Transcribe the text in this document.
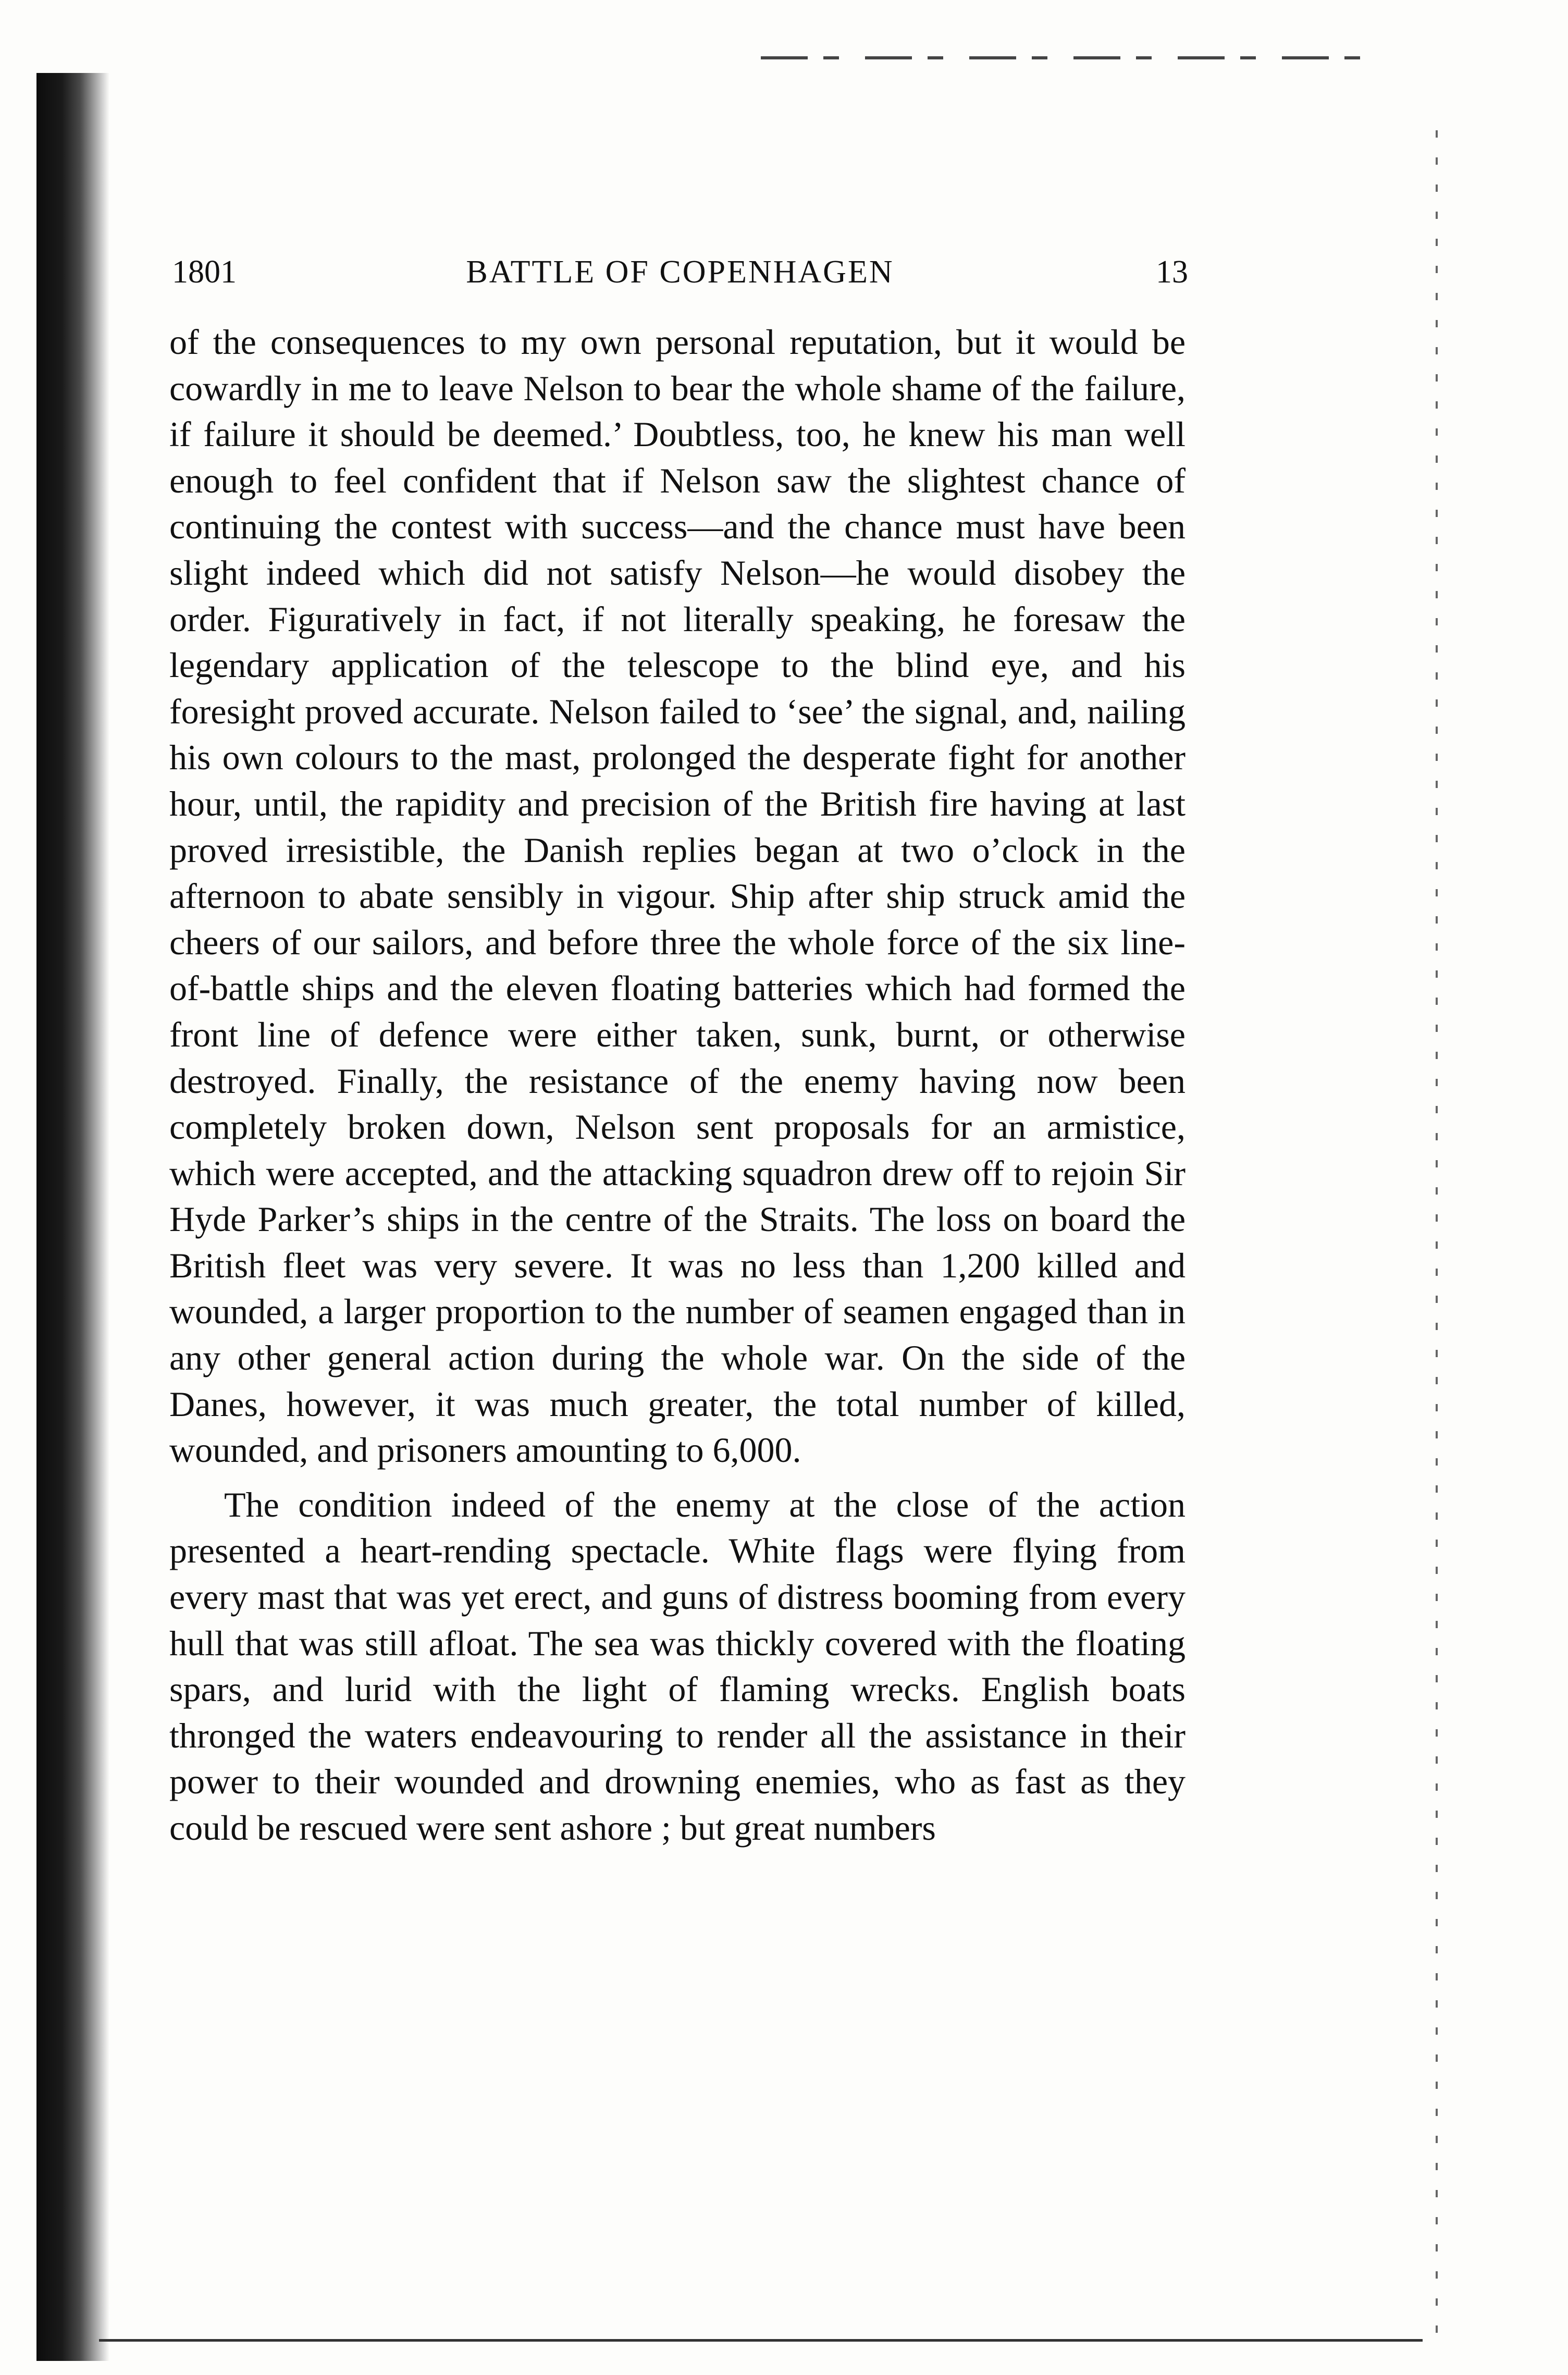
1801	BATTLE OF COPENHAGEN	13

of the consequences to my own personal reputation, but it would be cowardly in me to leave Nelson to bear the whole shame of the failure, if failure it should be deemed.’ Doubtless, too, he knew his man well enough to feel confident that if Nelson saw the slightest chance of continuing the contest with success—and the chance must have been slight indeed which did not satisfy Nelson—he would disobey the order. Figuratively in fact, if not literally speaking, he foresaw the legendary application of the telescope to the blind eye, and his foresight proved accurate. Nelson failed to ‘see’ the signal, and, nailing his own colours to the mast, prolonged the desperate fight for another hour, until, the rapidity and precision of the British fire having at last proved irresistible, the Danish replies began at two o’clock in the afternoon to abate sensibly in vigour. Ship after ship struck amid the cheers of our sailors, and before three the whole force of the six line-of-battle ships and the eleven floating batteries which had formed the front line of defence were either taken, sunk, burnt, or otherwise destroyed. Finally, the resistance of the enemy having now been completely broken down, Nelson sent proposals for an armistice, which were accepted, and the attacking squadron drew off to rejoin Sir Hyde Parker’s ships in the centre of the Straits. The loss on board the British fleet was very severe. It was no less than 1,200 killed and wounded, a larger proportion to the number of seamen engaged than in any other general action during the whole war. On the side of the Danes, however, it was much greater, the total number of killed, wounded, and prisoners amounting to 6,000.

The condition indeed of the enemy at the close of the action presented a heart-rending spectacle. White flags were flying from every mast that was yet erect, and guns of distress booming from every hull that was still afloat. The sea was thickly covered with the floating spars, and lurid with the light of flaming wrecks. English boats thronged the waters endeavouring to render all the assistance in their power to their wounded and drowning enemies, who as fast as they could be rescued were sent ashore ; but great numbers
